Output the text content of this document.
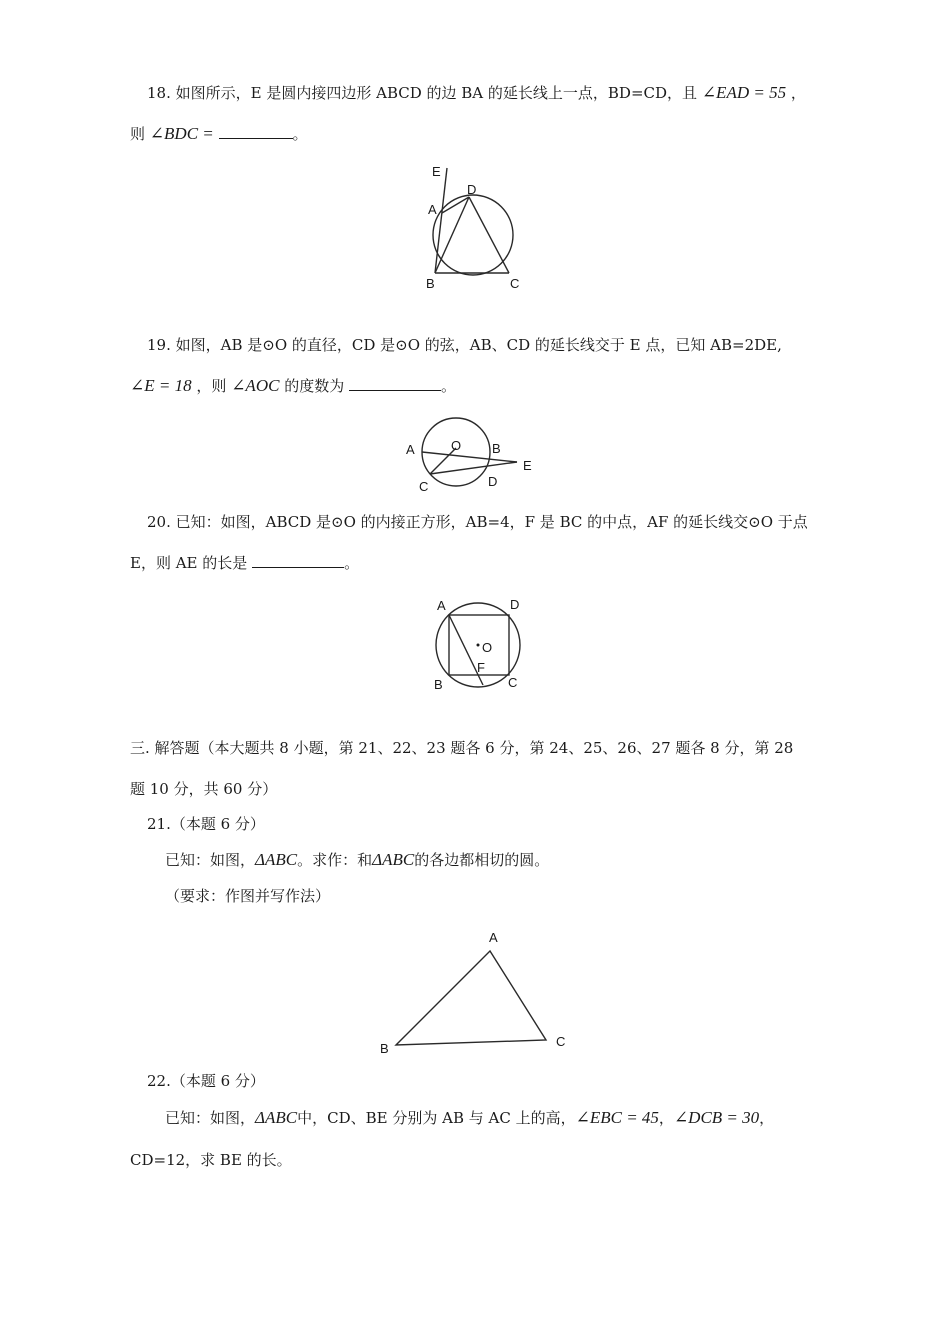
18. 如图所示，E 是圆内接四边形 ABCD 的边 BA 的延长线上一点，BD=CD，且 ∠EAD = 55 ，
则 ∠BDC =	。
E
D
A
B	C
19. 如图，AB 是⊙O 的直径，CD 是⊙O 的弦，AB、CD 的延长线交于 E 点，已知 AB=2DE,
∠E = 18 ，则 ∠AOC 的度数为	。
A	O B
E
C	D
20. 已知：如图，ABCD 是⊙O 的内接正方形，AB=4，F 是 BC 的中点，AF 的延长线交⊙O 于点
E，则 AE 的长是	。
A	D
O
F
B	C
三. 解答题（本大题共 8 小题，第 21、22、23 题各 6 分，第 24、25、26、27 题各 8 分，第 28
题 10 分，共 60 分）
21.（本题 6 分）
已知：如图，ΔABC。求作：和ΔABC的各边都相切的圆。
（要求：作图并写作法）
A
B	C
22.（本题 6 分）
已知：如图，ΔABC中，CD、BE 分别为 AB 与 AC 上的高，∠EBC = 45，∠DCB = 30，
CD=12，求 BE 的长。
